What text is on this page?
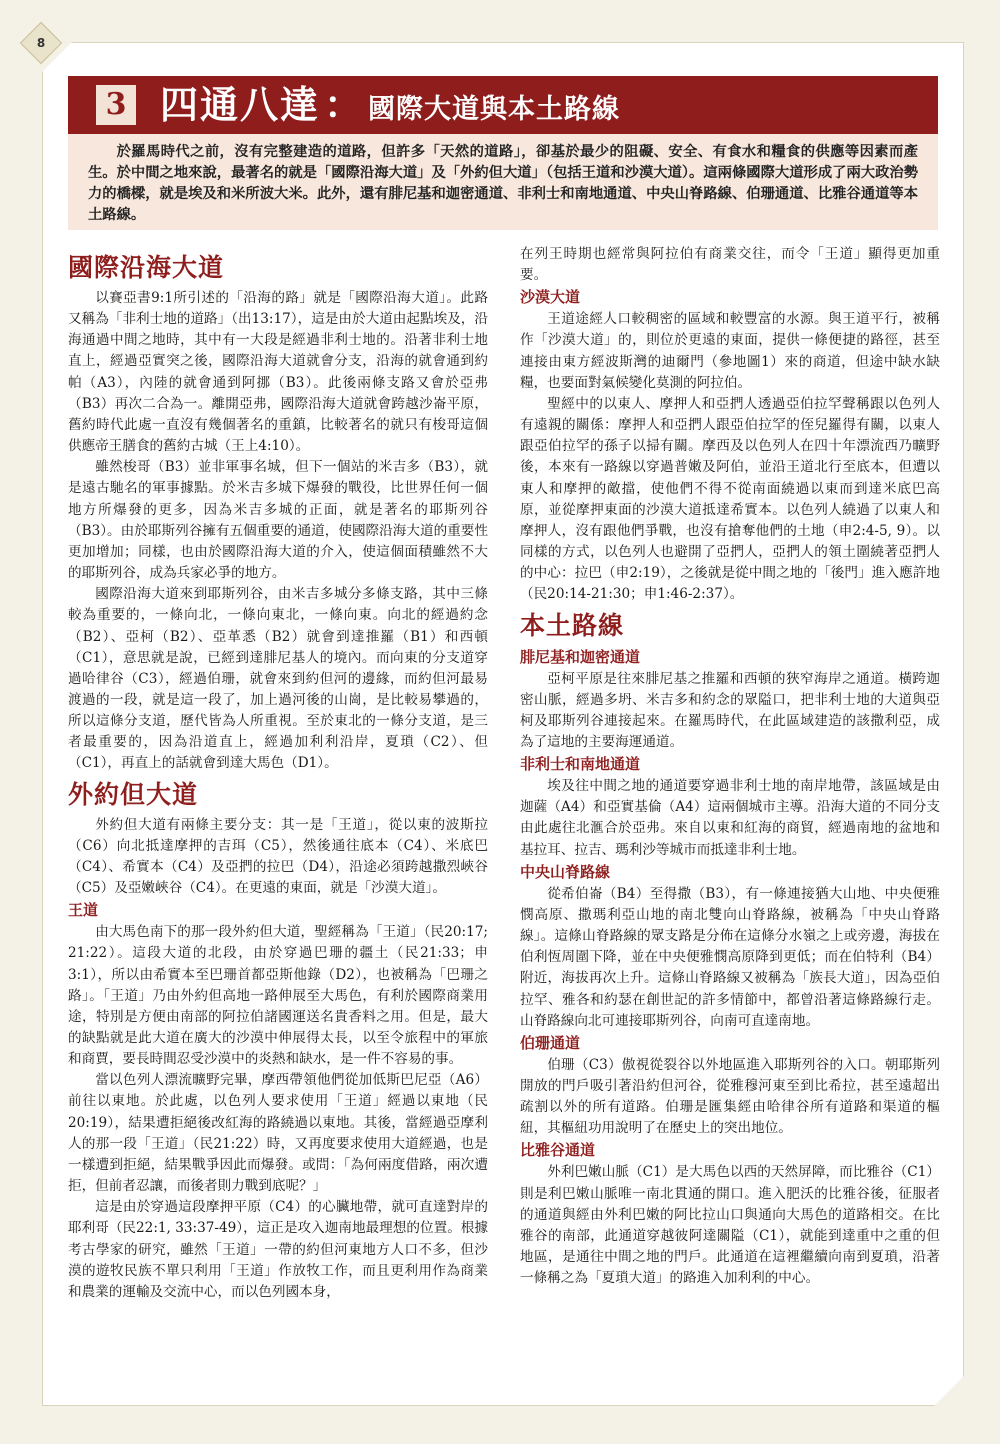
8
3 四通八達 ： 國際大道與本土路線

於羅馬時代之前，沒有完整建造的道路，但許多「天然的道路」，卻基於最少的阻礙、安全、有食水和糧食的供應等因素而產生。於中間之地來說，最著名的就是「國際沿海大道」及「外約但大道」（包括王道和沙漠大道）。這兩條國際大道形成了兩大政治勢力的橋樑，就是埃及和米所波大米。此外，還有腓尼基和迦密通道、非利士和南地通道、中央山脊路線、伯珊通道、比雅谷通道等本土路線。

國際沿海大道

以賽亞書9:1所引述的「沿海的路」就是「國際沿海大道」。此路又稱為「非利士地的道路」（出13:17），這是由於大道由起點埃及，沿海通過中間之地時，其中有一大段是經過非利士地的。沿著非利士地直上，經過亞實突之後，國際沿海大道就會分支，沿海的就會通到約帕（A3），內陸的就會通到阿挪（B3）。此後兩條支路又會於亞弗（B3）再次二合為一。離開亞弗，國際沿海大道就會跨越沙崙平原，舊約時代此處一直沒有幾個著名的重鎮，比較著名的就只有梭哥這個供應帝王膳食的舊約古城（王上4:10）。

雖然梭哥（B3）並非軍事名城，但下一個站的米吉多（B3），就是遠古馳名的軍事據點。於米吉多城下爆發的戰役，比世界任何一個地方所爆發的更多，因為米吉多城的正面，就是著名的耶斯列谷（B3）。由於耶斯列谷擁有五個重要的通道，使國際沿海大道的重要性更加增加；同樣，也由於國際沿海大道的介入，使這個面積雖然不大的耶斯列谷，成為兵家必爭的地方。

國際沿海大道來到耶斯列谷，由米吉多城分多條支路，其中三條較為重要的，一條向北，一條向東北，一條向東。向北的經過約念（B2）、亞柯（B2）、亞革悉（B2）就會到達推羅（B1）和西頓（C1），意思就是說，已經到達腓尼基人的境內。而向東的分支道穿過哈律谷（C3），經過伯珊，就會來到約但河的邊緣，而約但河最易渡過的一段，就是這一段了，加上過河後的山崗，是比較易攀過的，所以這條分支道，歷代皆為人所重視。至於東北的一條分支道，是三者最重要的，因為沿道直上，經過加利利沿岸，夏瑣（C2）、但（C1），再直上的話就會到達大馬色（D1）。

外約但大道

外約但大道有兩條主要分支：其一是「王道」，從以東的波斯拉（C6）向北抵達摩押的吉珥（C5），然後通往底本（C4）、米底巴（C4）、希實本（C4）及亞捫的拉巴（D4），沿途必須跨越撒烈峽谷（C5）及亞嫩峽谷（C4）。在更遠的東面，就是「沙漠大道」。

王道

由大馬色南下的那一段外約但大道，聖經稱為「王道」（民20:17; 21:22）。這段大道的北段，由於穿過巴珊的疆土（民21:33；申3:1），所以由希實本至巴珊首都亞斯他錄（D2），也被稱為「巴珊之路」。「王道」乃由外約但高地一路伸展至大馬色，有利於國際商業用途，特別是方便由南部的阿拉伯諸國運送名貴香料之用。但是，最大的缺點就是此大道在廣大的沙漠中伸展得太長，以至令旅程中的軍旅和商賈，要長時間忍受沙漠中的炎熱和缺水，是一件不容易的事。

當以色列人漂流曠野完畢，摩西帶領他們從加低斯巴尼亞（A6）前往以東地。於此處，以色列人要求使用「王道」經過以東地（民20:19），結果遭拒絕後改紅海的路繞過以東地。其後，當經過亞摩利人的那一段「王道」（民21:22）時，又再度要求使用大道經過，也是一樣遭到拒絕，結果戰爭因此而爆發。或問：「為何兩度借路，兩次遭拒，但前者忍讓，而後者則力戰到底呢？」

這是由於穿過這段摩押平原（C4）的心臟地帶，就可直達對岸的耶利哥（民22:1, 33:37-49），這正是攻入迦南地最理想的位置。根據考古學家的研究，雖然「王道」一帶的約但河東地方人口不多，但沙漠的遊牧民族不單只利用「王道」作放牧工作，而且更利用作為商業和農業的運輸及交流中心，而以色列國本身，

在列王時期也經常與阿拉伯有商業交往，而令「王道」顯得更加重要。

沙漠大道

王道途經人口較稠密的區域和較豐富的水源。與王道平行，被稱作「沙漠大道」的，則位於更遠的東面，提供一條便捷的路徑，甚至連接由東方經波斯灣的迪爾門（參地圖1）來的商道，但途中缺水缺糧，也要面對氣候變化莫測的阿拉伯。

聖經中的以東人、摩押人和亞捫人透過亞伯拉罕聲稱跟以色列人有遠親的關係：摩押人和亞捫人跟亞伯拉罕的侄兒羅得有關，以東人跟亞伯拉罕的孫子以掃有關。摩西及以色列人在四十年漂流西乃曠野後，本來有一路線以穿過普嫩及阿伯，並沿王道北行至底本，但遭以東人和摩押的敵擋，使他們不得不從南面繞過以東而到達米底巴高原，並從摩押東面的沙漠大道抵達希實本。以色列人繞過了以東人和摩押人，沒有跟他們爭戰，也沒有搶奪他們的土地（申2:4-5, 9）。以同樣的方式，以色列人也避開了亞捫人，亞捫人的領土圍繞著亞捫人的中心：拉巴（申2:19），之後就是從中間之地的「後門」進入應許地（民20:14-21:30；申1:46-2:37）。

本土路線
腓尼基和迦密通道

亞柯平原是往來腓尼基之推羅和西頓的狹窄海岸之通道。橫跨迦密山脈，經過多坍、米吉多和約念的眾隘口，把非利士地的大道與亞柯及耶斯列谷連接起來。在羅馬時代，在此區域建造的該撒利亞，成為了這地的主要海運通道。

非利士和南地通道

埃及往中間之地的通道要穿過非利士地的南岸地帶，該區域是由迦薩（A4）和亞實基倫（A4）這兩個城市主導。沿海大道的不同分支由此處往北滙合於亞弗。來自以東和紅海的商貿，經過南地的盆地和基拉耳、拉吉、瑪利沙等城市而抵達非利士地。

中央山脊路線

從希伯崙（B4）至得撒（B3），有一條連接猶大山地、中央便雅憫高原、撒瑪利亞山地的南北雙向山脊路線，被稱為「中央山脊路線」。這條山脊路線的眾支路是分佈在這條分水嶺之上或旁邊，海拔在伯利恆周圍下降，並在中央便雅憫高原降到更低；而在伯特利（B4）附近，海拔再次上升。這條山脊路線又被稱為「族長大道」，因為亞伯拉罕、雅各和約瑟在創世記的許多情節中，都曾沿著這條路線行走。山脊路線向北可連接耶斯列谷，向南可直達南地。

伯珊通道

伯珊（C3）傲視從裂谷以外地區進入耶斯列谷的入口。朝耶斯列開放的門戶吸引著沿約但河谷，從雅穆河東至到比希拉，甚至遠超出疏割以外的所有道路。伯珊是匯集經由哈律谷所有道路和渠道的樞紐，其樞紐功用說明了在歷史上的突出地位。

比雅谷通道

外利巴嫩山脈（C1）是大馬色以西的天然屏障，而比雅谷（C1）則是利巴嫩山脈唯一南北貫通的開口。進入肥沃的比雅谷後，征服者的通道與經由外利巴嫩的阿比拉山口與通向大馬色的道路相交。在比雅谷的南部，此通道穿越彼阿達關隘（C1），就能到達重中之重的但地區，是通往中間之地的門戶。此通道在這裡繼續向南到夏瑣，沿著一條稱之為「夏瑣大道」的路進入加利利的中心。
